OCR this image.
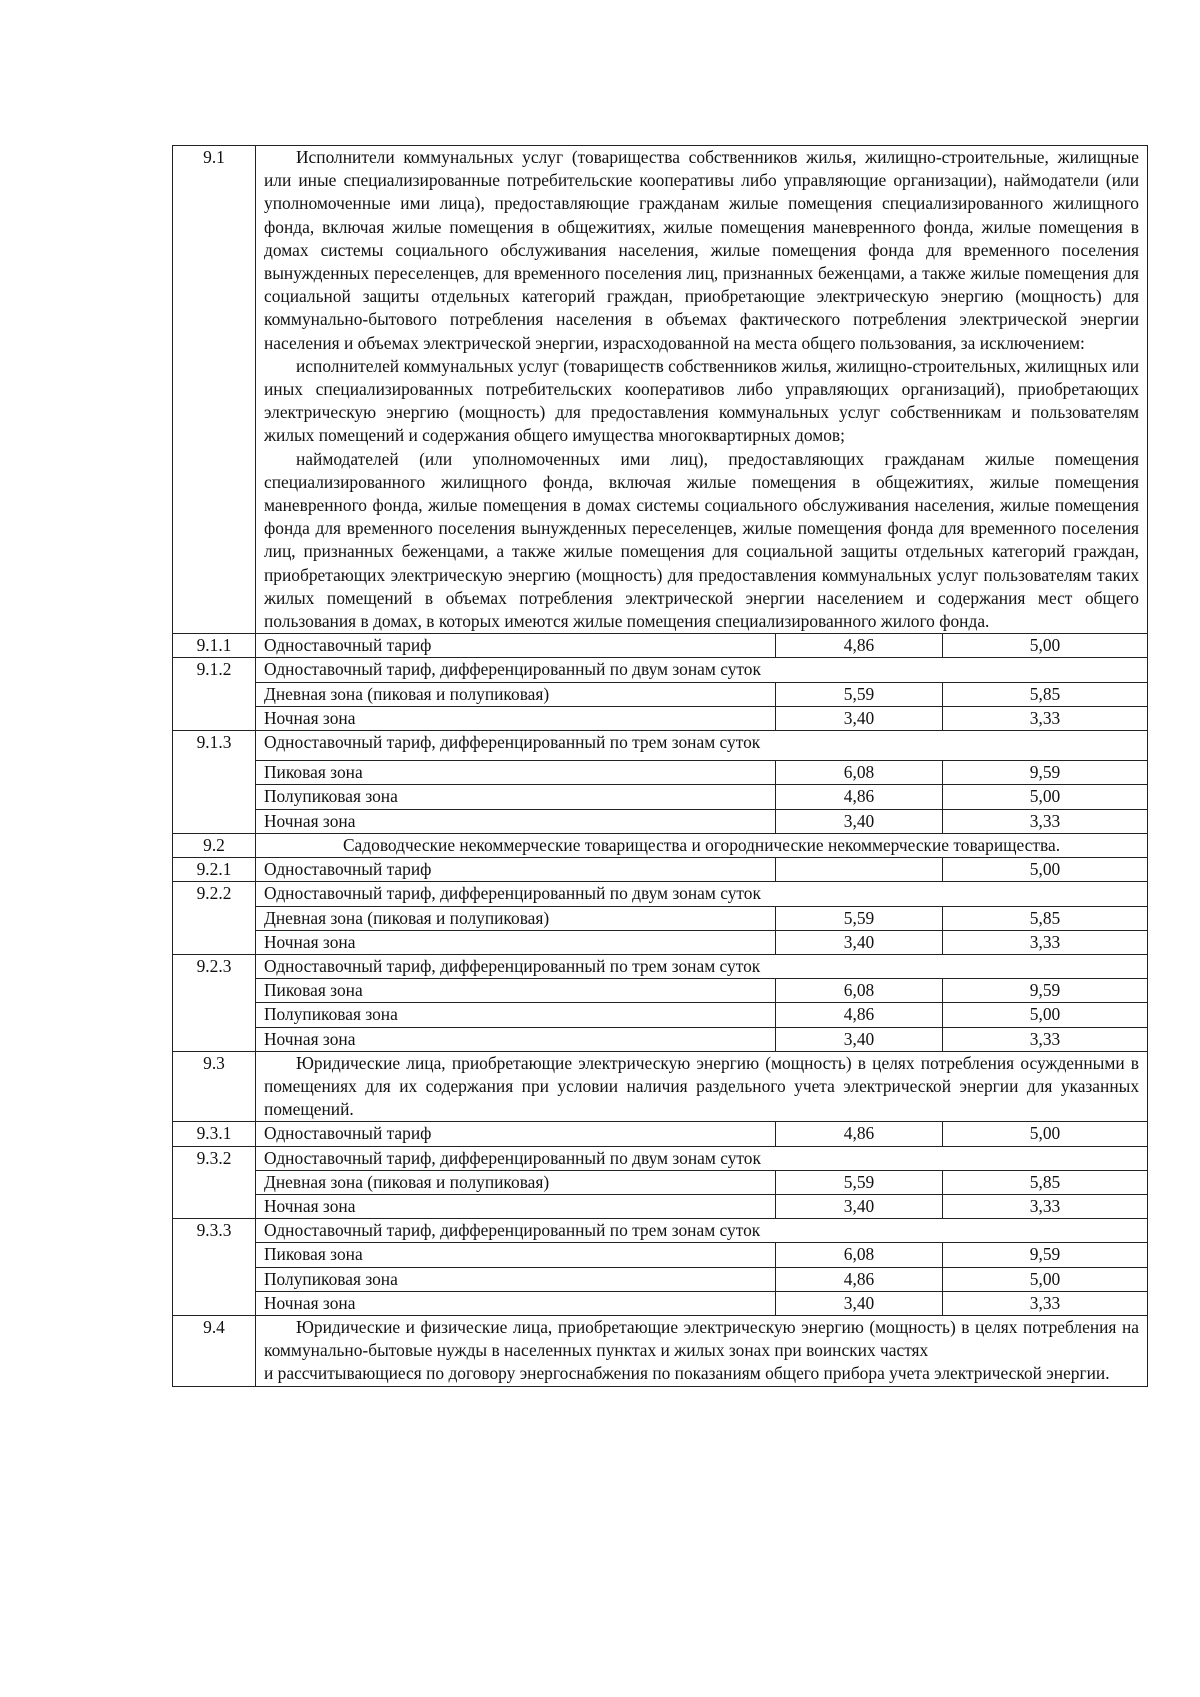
9.1	Исполнители коммунальных услуг (товарищества собственников жилья, жилищно-строительные, жилищные или иные специализированные потребительские кооперативы либо управляющие организации), наймодатели (или уполномоченные ими лица), предоставляющие гражданам жилые помещения специализированного жилищного фонда, включая жилые помещения в общежитиях, жилые помещения маневренного фонда, жилые помещения в домах системы социального обслуживания населения, жилые помещения фонда для временного поселения вынужденных переселенцев, для временного поселения лиц, признанных беженцами, а также жилые помещения для социальной защиты отдельных категорий граждан, приобретающие электрическую энергию (мощность) для коммунально-бытового потребления населения в объемах фактического потребления электрической энергии населения и объемах электрической энергии, израсходованной на места общего пользования, за исключением:

исполнителей коммунальных услуг (товариществ собственников жилья, жилищно-строительных, жилищных или иных специализированных потребительских кооперативов либо управляющих организаций), приобретающих электрическую энергию (мощность) для предоставления коммунальных услуг собственникам и пользователям жилых помещений и содержания общего имущества многоквартирных домов;

наймодателей (или уполномоченных ими лиц), предоставляющих гражданам жилые помещения специализированного жилищного фонда, включая жилые помещения в общежитиях, жилые помещения маневренного фонда, жилые помещения в домах системы социального обслуживания населения, жилые помещения фонда для временного поселения вынужденных переселенцев, жилые помещения фонда для временного поселения лиц, признанных беженцами, а также жилые помещения для социальной защиты отдельных категорий граждан, приобретающих электрическую энергию (мощность) для предоставления коммунальных услуг пользователям таких жилых помещений в объемах потребления электрической энергии населением и содержания мест общего пользования в домах, в которых имеются жилые помещения специализированного жилого фонда.		

9.1.1	Одноставочный тариф	4,86	5,00
9.1.2	Одноставочный тариф, дифференцированный по двум зонам суток		
	Дневная зона (пиковая и полупиковая)	5,59	5,85
	Ночная зона	3,40	3,33
9.1.3	Одноставочный тариф, дифференцированный по трем зонам суток		
	Пиковая зона	6,08	9,59
	Полупиковая зона	4,86	5,00
	Ночная зона	3,40	3,33
9.2	Садоводческие некоммерческие товарищества и огороднические некоммерческие товарищества.		
9.2.1	Одноставочный тариф		5,00
9.2.2	Одноставочный тариф, дифференцированный по двум зонам суток		
	Дневная зона (пиковая и полупиковая)	5,59	5,85
	Ночная зона	3,40	3,33
9.2.3	Одноставочный тариф, дифференцированный по трем зонам суток		
	Пиковая зона	6,08	9,59
	Полупиковая зона	4,86	5,00
	Ночная зона	3,40	3,33
9.3	Юридические лица, приобретающие электрическую энергию (мощность) в целях потребления осужденными в помещениях для их содержания при условии наличия раздельного учета электрической энергии для указанных помещений.		

9.3.1	Одноставочный тариф	4,86	5,00
9.3.2	Одноставочный тариф, дифференцированный по двум зонам суток		
	Дневная зона (пиковая и полупиковая)	5,59	5,85
	Ночная зона	3,40	3,33
9.3.3	Одноставочный тариф, дифференцированный по трем зонам суток		
	Пиковая зона	6,08	9,59
	Полупиковая зона	4,86	5,00
	Ночная зона	3,40	3,33
9.4	Юридические и физические лица, приобретающие электрическую энергию (мощность) в целях потребления на коммунально-бытовые нужды в населенных пунктах и жилых зонах при воинских частях

и рассчитывающиеся по договору энергоснабжения по показаниям общего прибора учета электрической энергии.		
